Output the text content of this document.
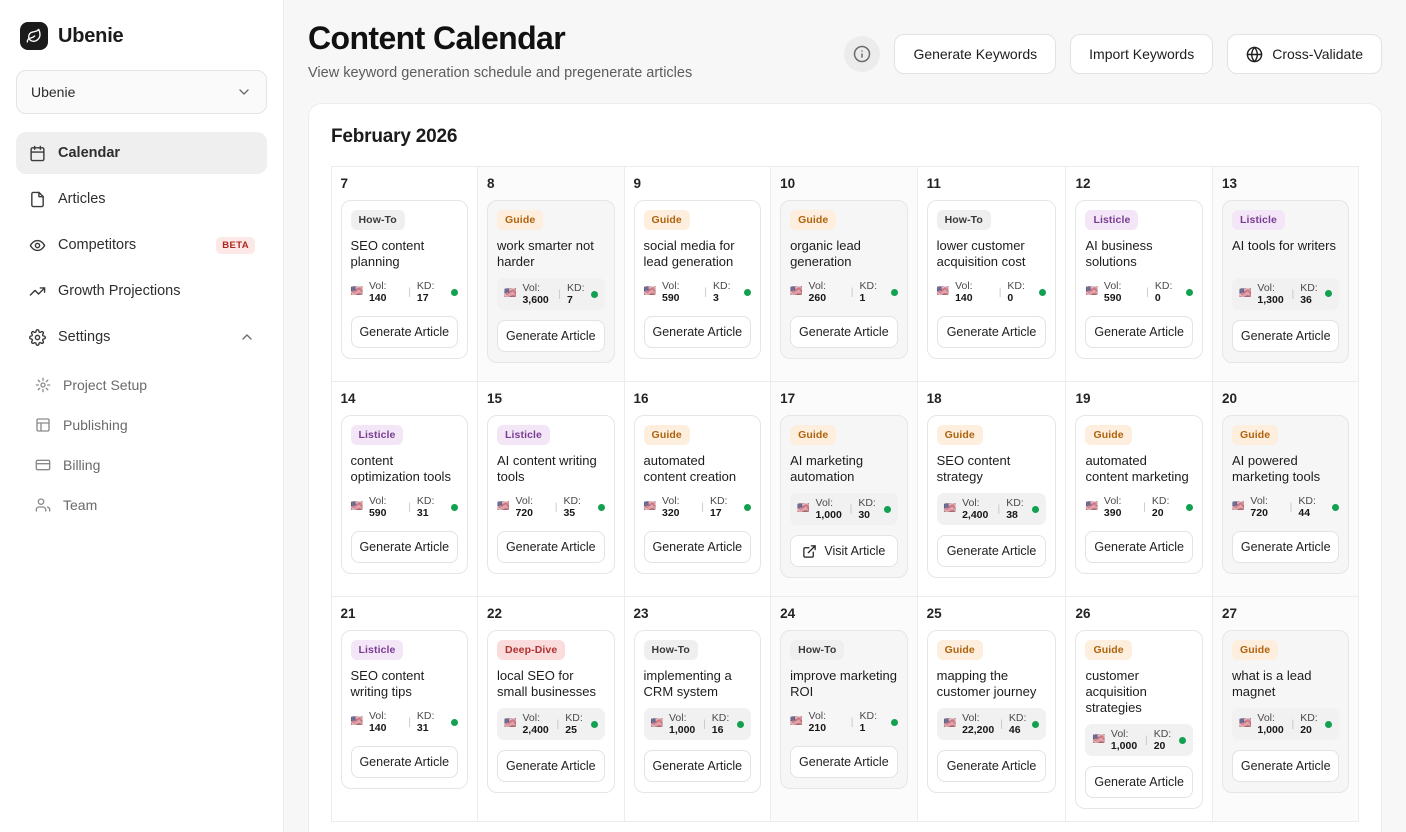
Ubenie
Ubenie
Calendar
Articles
Competitors	BETA
Growth Projections
Settings
Project Setup
Publishing
Billing
Team
Content Calendar
View keyword generation schedule and pregenerate articles
Generate Keywords	Import Keywords	Cross-Validate
February 2026
7
How-To
SEO content planning
🇺🇸 Vol: 140	| KD: 17
Generate Article
8
Guide
work smarter not harder
🇺🇸 Vol: 3,600 | KD: 7
Generate Article
9
Guide
social media for lead generation
🇺🇸 Vol: 590	| KD: 3
Generate Article
10
Guide
organic lead generation
🇺🇸 Vol: 260	| KD: 1
Generate Article
11
How-To
lower customer acquisition cost
🇺🇸 Vol: 140	| KD: 0
Generate Article
12
Listicle
AI business solutions
🇺🇸 Vol: 590	| KD: 0
Generate Article
13
Listicle
AI tools for writers
🇺🇸 Vol: 1,300 | KD: 36
Generate Article
14
Listicle
content optimization tools
🇺🇸 Vol: 590	| KD: 31
Generate Article
15
Listicle
AI content writing tools
🇺🇸 Vol: 720	| KD: 35
Generate Article
16
Guide
automated content creation
🇺🇸 Vol: 320	| KD: 17
Generate Article
17
Guide
AI marketing automation
🇺🇸 Vol: 1,000 | KD: 30
Visit Article
18
Guide
SEO content strategy
🇺🇸 Vol: 2,400 | KD: 38
Generate Article
19
Guide
automated content marketing
🇺🇸 Vol: 390	| KD: 20
Generate Article
20
Guide
AI powered marketing tools
🇺🇸 Vol: 720	| KD: 44
Generate Article
21
Listicle
SEO content writing tips
🇺🇸 Vol: 140	| KD: 31
Generate Article
22
Deep-Dive
local SEO for small businesses
🇺🇸 Vol: 2,400 | KD: 25
Generate Article
23
How-To
implementing a CRM system
🇺🇸 Vol: 1,000 | KD: 16
Generate Article
24
How-To
improve marketing ROI
🇺🇸 Vol: 210	| KD: 1
Generate Article
25
Guide
mapping the customer journey
🇺🇸 Vol: 22,200 | KD: 46
Generate Article
26
Guide
customer acquisition strategies
🇺🇸 Vol: 1,000 | KD: 20
Generate Article
27
Guide
what is a lead magnet
🇺🇸 Vol: 1,000 | KD: 20
Generate Article
